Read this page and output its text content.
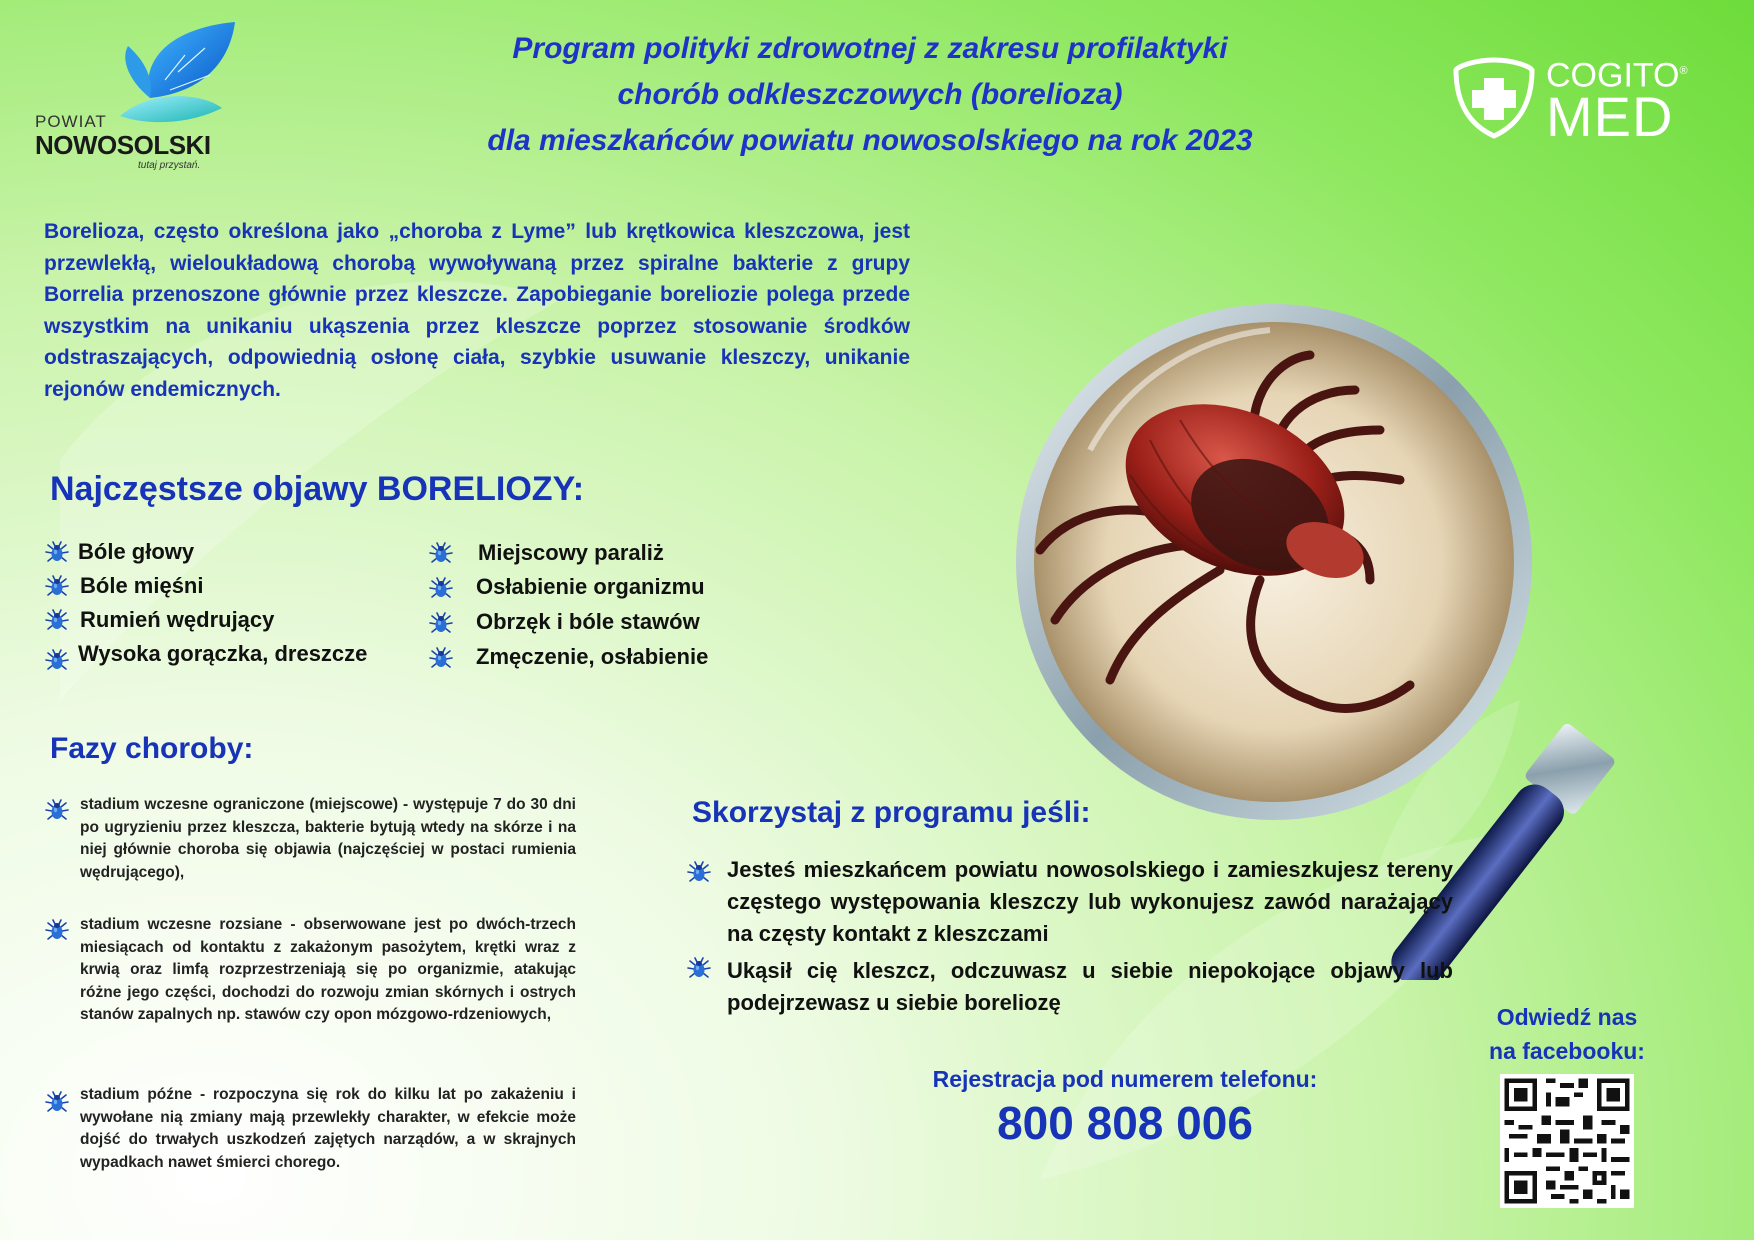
POWIAT
NOWOSOLSKI
tutaj przystań.
Program polityki zdrowotnej z zakresu profilaktyki
chorób odkleszczowych (borelioza)
dla mieszkańców powiatu nowosolskiego na rok 2023
COGITO®
MED
Borelioza, często określona jako „choroba z Lyme” lub krętkowica kleszczowa, jest przewlekłą, wieloukładową chorobą wywoływaną przez spiralne bakterie z grupy Borrelia przenoszone głównie przez kleszcze. Zapobieganie boreliozie polega przede wszystkim na unikaniu ukąszenia przez kleszcze poprzez stosowanie środków odstraszających, odpowiednią osłonę ciała, szybkie usuwanie kleszczy, unikanie rejonów endemicznych.
Najczęstsze objawy BORELIOZY:
Bóle głowy
Bóle mięśni
Rumień wędrujący
Wysoka gorączka, dreszcze
Miejscowy paraliż
Osłabienie organizmu
Obrzęk i bóle stawów
Zmęczenie, osłabienie
Fazy choroby:
stadium wczesne ograniczone (miejscowe) - występuje 7 do 30 dni po ugryzieniu przez kleszcza, bakterie bytują wtedy na skórze i na niej głównie choroba się objawia (najczęściej w postaci rumienia wędrującego),
stadium wczesne rozsiane - obserwowane jest po dwóch-trzech miesiącach od kontaktu z zakażonym pasożytem, krętki wraz z krwią oraz limfą rozprzestrzeniają się po organizmie, atakując różne jego części, dochodzi do rozwoju zmian skórnych i ostrych stanów zapalnych np. stawów czy opon mózgowo-rdzeniowych,
stadium późne - rozpoczyna się rok do kilku lat po zakażeniu i wywołane nią zmiany mają przewlekły charakter, w efekcie może dojść do trwałych uszkodzeń zajętych narządów, a w skrajnych wypadkach nawet śmierci chorego.
Skorzystaj z programu jeśli:
Jesteś mieszkańcem powiatu nowosolskiego i zamieszkujesz tereny częstego występowania kleszczy lub wykonujesz zawód narażający na częsty kontakt z kleszczami
Ukąsił cię kleszcz, odczuwasz u siebie niepokojące objawy lub podejrzewasz u siebie boreliozę
Rejestracja pod numerem telefonu:
800 808 006
Odwiedź nas
na facebooku:
